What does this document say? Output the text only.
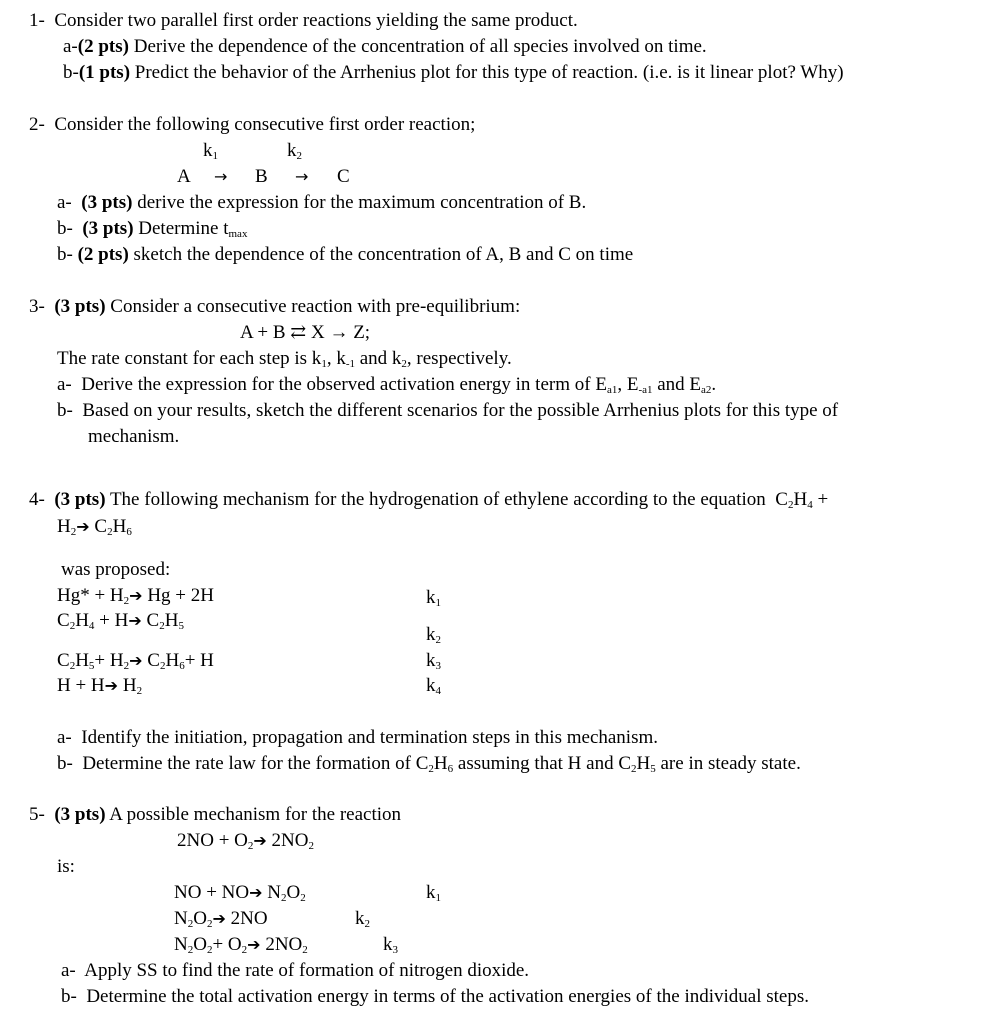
1- Consider two parallel first order reactions yielding the same product.
a-(2 pts) Derive the dependence of the concentration of all species involved on time.
b-(1 pts) Predict the behavior of the Arrhenius plot for this type of reaction. (i.e. is it linear plot? Why)
2- Consider the following consecutive first order reaction;
$k_1$	$k_2$
A → B → C
a- (3 pts) derive the expression for the maximum concentration of B.
b- (3 pts) Determine $t_{max}$
b- (2 pts) sketch the dependence of the concentration of A, B and C on time
3- (3 pts) Consider a consecutive reaction with pre-equilibrium:
A + B ⇄ X → Z;
The rate constant for each step is $k_1$, $k_{-1}$ and $k_2$, respectively.
a- Derive the expression for the observed activation energy in term of $E_{a1}$, $E_{-a1}$ and $E_{a2}$.
b- Based on your results, sketch the different scenarios for the possible Arrhenius plots for this type of
mechanism.
4- (3 pts) The following mechanism for the hydrogenation of ethylene according to the equation $C_2H_4$ +
$H_2➔$ $C_2H_6$
was proposed:
$Hg* + H_2➔$ Hg + 2H
$C_2H_4$ + H➔ $C_2H_5$
$C_2H_5+$ $H_2➔$ $C_2H_6+ H$
H + H➔ $H_2$
$k_1$
$k_2$
$k_3$
$k_4$
a- Identify the initiation, propagation and termination steps in this mechanism.
b- Determine the rate law for the formation of $C_2H_6$ assuming that H and $C_2H_5$ are in steady state.
5- (3 pts) A possible mechanism for the reaction
$2NO + O_2➔$ $2NO_2$
is:
NO + NO➔ $N_2O_2$
$N_2O_2➔$ 2NO
$N_2O_2+$ $O_2➔$ $2NO_2$
$k_1$
$k_2$
$k_3$
a- Apply SS to find the rate of formation of nitrogen dioxide.
b- Determine the total activation energy in terms of the activation energies of the individual steps.
